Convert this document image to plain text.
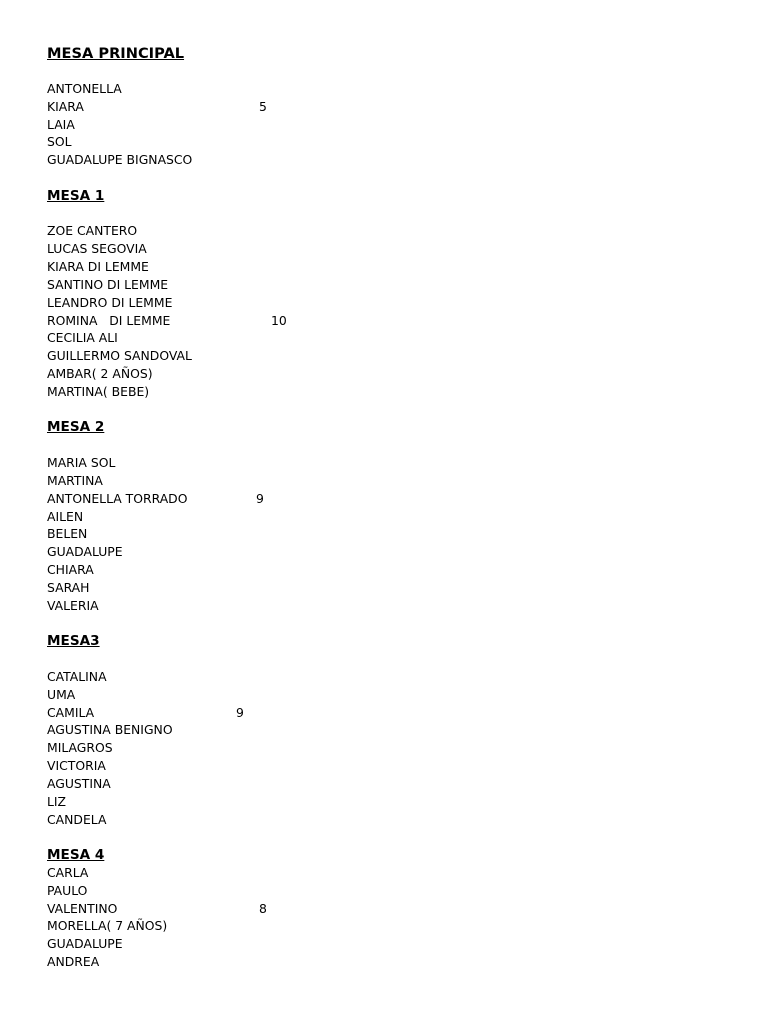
MESA PRINCIPAL
ANTONELLA
KIARA	5
LAIA
SOL
GUADALUPE BIGNASCO
MESA 1
ZOE CANTERO
LUCAS SEGOVIA
KIARA DI LEMME
SANTINO DI LEMME
LEANDRO DI LEMME
ROMINA   DI LEMME	10
CECILIA ALI
GUILLERMO SANDOVAL
AMBAR( 2 AÑOS)
MARTINA( BEBE)
MESA 2
MARIA SOL
MARTINA
ANTONELLA TORRADO	9
AILEN
BELEN
GUADALUPE
CHIARA
SARAH
VALERIA
MESA3
CATALINA
UMA
CAMILA	9
AGUSTINA BENIGNO
MILAGROS
VICTORIA
AGUSTINA
LIZ
CANDELA
MESA 4
CARLA
PAULO
VALENTINO	8
MORELLA( 7 AÑOS)
GUADALUPE
ANDREA
